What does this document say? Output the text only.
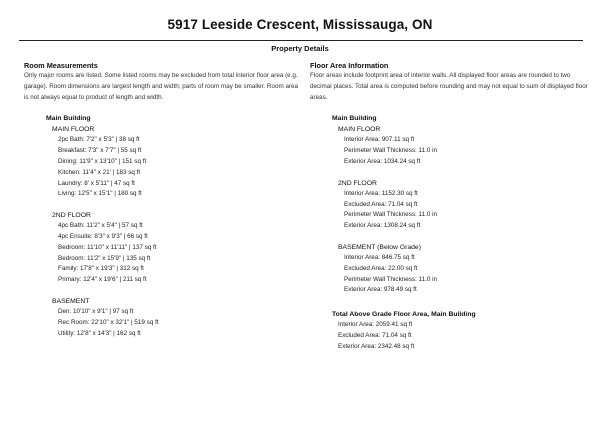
5917 Leeside Crescent, Mississauga, ON
Property Details
Room Measurements
Only major rooms are listed. Some listed rooms may be excluded from total interior floor area (e.g. garage). Room dimensions are largest length and width; parts of room may be smaller. Room area is not always equal to product of length and width.
Main Building
MAIN FLOOR
2pc Bath: 7'2" x 5'3" | 38 sq ft
Breakfast: 7'3" x 7'7" | 55 sq ft
Dining: 11'9" x 13'10" | 151 sq ft
Kitchen: 11'4" x 21' | 183 sq ft
Laundry: 8' x 5'11" | 47 sq ft
Living: 12'5" x 15'1" | 180 sq ft
2ND FLOOR
4pc Bath: 11'2" x 5'4" | 57 sq ft
4pc Ensuite: 8'3" x 9'3" | 66 sq ft
Bedroom: 11'10" x 11'11" | 137 sq ft
Bedroom: 11'2" x 15'9" | 135 sq ft
Family: 17'8" x 19'3" | 312 sq ft
Primary: 12'4" x 19'6" | 211 sq ft
BASEMENT
Den: 10'10" x 9'1" | 97 sq ft
Rec Room: 22'10" x 32'1" | 519 sq ft
Utility: 12'8" x 14'3" | 162 sq ft
Floor Area Information
Floor areas include footprint area of interior walls. All displayed floor areas are rounded to two decimal places. Total area is computed before rounding and may not equal to sum of displayed floor areas.
Main Building
MAIN FLOOR
Interior Area: 907.11 sq ft
Perimeter Wall Thickness: 11.0 in
Exterior Area: 1034.24 sq ft
2ND FLOOR
Interior Area: 1152.30 sq ft
Excluded Area: 71.04 sq ft
Perimeter Wall Thickness: 11.0 in
Exterior Area: 1308.24 sq ft
BASEMENT (Below Grade)
Interior Area: 846.75 sq ft
Excluded Area: 22.00 sq ft
Perimeter Wall Thickness: 11.0 in
Exterior Area: 978.49 sq ft
Total Above Grade Floor Area, Main Building
Interior Area: 2059.41 sq ft
Excluded Area: 71.04 sq ft
Exterior Area: 2342.48 sq ft
